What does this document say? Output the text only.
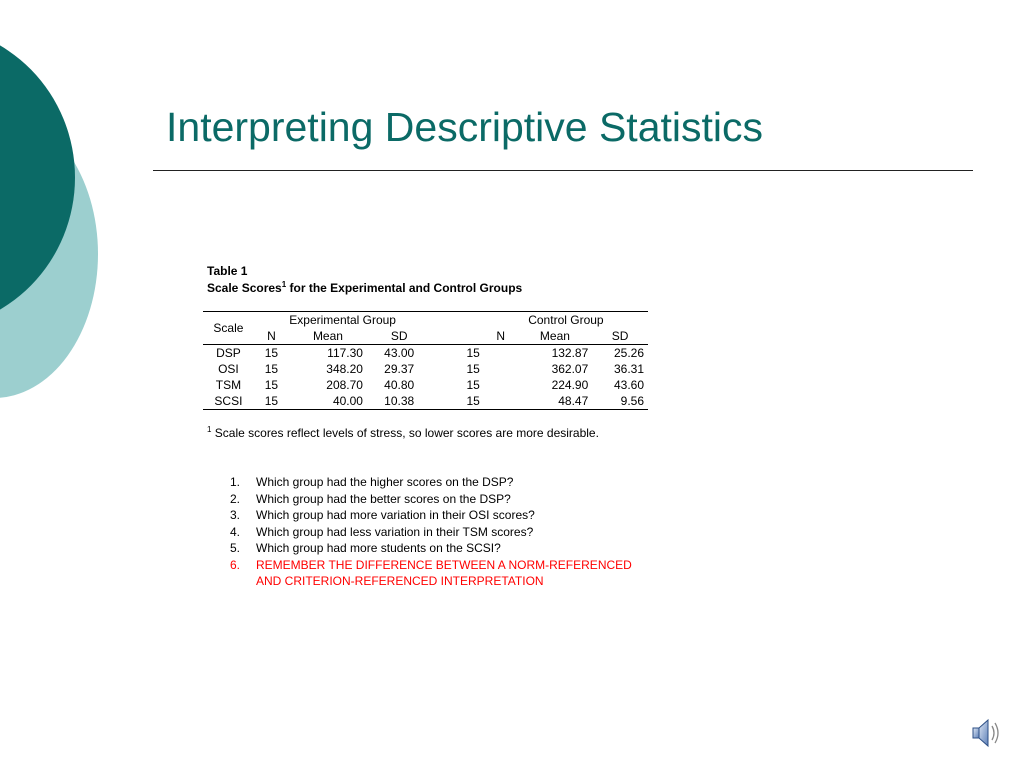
Interpreting Descriptive Statistics
Table 1
Scale Scores$^1$ for the Experimental and Control Groups
Scale	Experimental Group				Control Group		
	N	Mean	SD		N	Mean	SD
DSP	15	117.30	43.00	15		132.87	25.26
OSI	15	348.20	29.37	15		362.07	36.31
TSM	15	208.70	40.80	15		224.90	43.60
SCSI	15	40.00	10.38	15		48.47	9.56
$^1$ Scale scores reflect levels of stress, so lower scores are more desirable.
1. Which group had the higher scores on the DSP?
2. Which group had the better scores on the DSP?
3. Which group had more variation in their OSI scores?
4. Which group had less variation in their TSM scores?
5. Which group had more students on the SCSI?
6. REMEMBER THE DIFFERENCE BETWEEN A NORM-REFERENCED
AND CRITERION-REFERENCED INTERPRETATION
